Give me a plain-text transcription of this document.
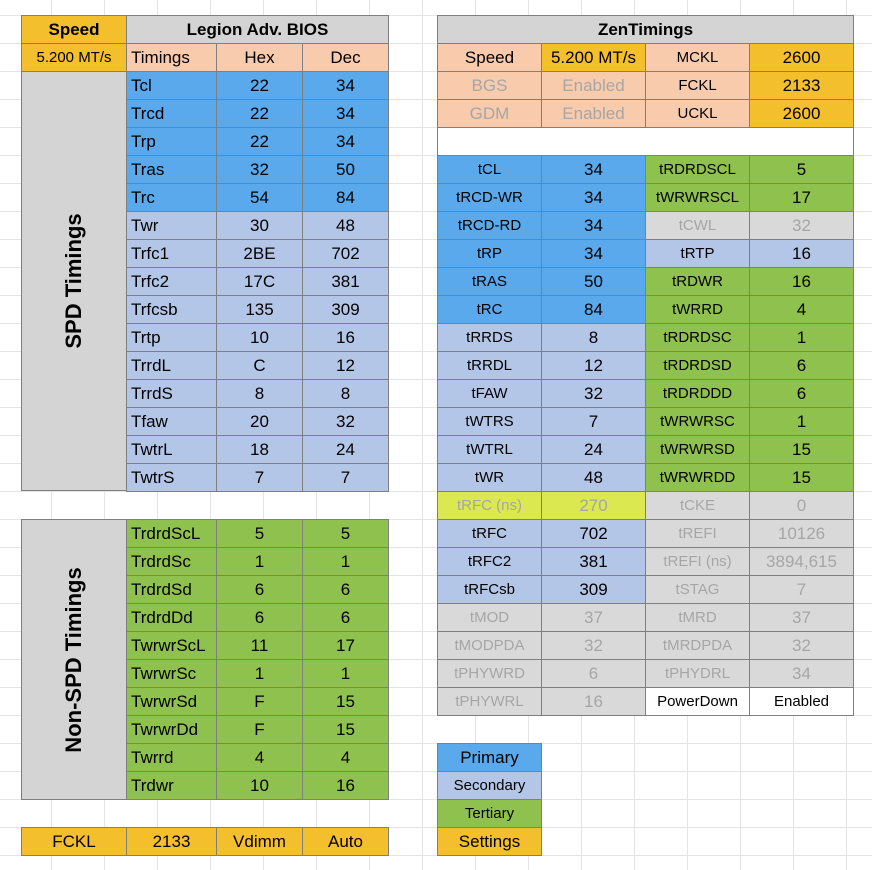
Speed	Legion Adv. BIOS
5.200 MT/s	Timings	Hex	Dec
SPD Timings
Tcl	22	34
Trcd	22	34
Trp	22	34
Tras	32	50
Trc	54	84
Twr	30	48
Trfc1	2BE	702
Trfc2	17C	381
Trfcsb	135	309
Trtp	10	16
TrrdL	C	12
TrrdS	8	8
Tfaw	20	32
TwtrL	18	24
TwtrS	7	7
Non-SPD Timings
TrdrdScL	5	5
TrdrdSc	1	1
TrdrdSd	6	6
TrdrdDd	6	6
TwrwrScL	11	17
TwrwrSc	1	1
TwrwrSd	F	15
TwrwrDd	F	15
Twrrd	4	4
Trdwr	10	16
FCKL	2133	Vdimm	Auto
ZenTimings
Speed	5.200 MT/s	MCKL	2600
BGS	Enabled	FCKL	2133
GDM	Enabled	UCKL	2600
tCL	34	tRDRDSCL	5
tRCD-WR	34	tWRWRSCL	17
tRCD-RD	34	tCWL	32
tRP	34	tRTP	16
tRAS	50	tRDWR	16
tRC	84	tWRRD	4
tRRDS	8	tRDRDSC	1
tRRDL	12	tRDRDSD	6
tFAW	32	tRDRDDD	6
tWTRS	7	tWRWRSC	1
tWTRL	24	tWRWRSD	15
tWR	48	tWRWRDD	15
tRFC (ns)	270	tCKE	0
tRFC	702	tREFI	10126
tRFC2	381	tREFI (ns)	3894,615
tRFCsb	309	tSTAG	7
tMOD	37	tMRD	37
tMODPDA	32	tMRDPDA	32
tPHYWRD	6	tPHYDRL	34
tPHYWRL	16	PowerDown	Enabled
Primary
Secondary
Tertiary
Settings
